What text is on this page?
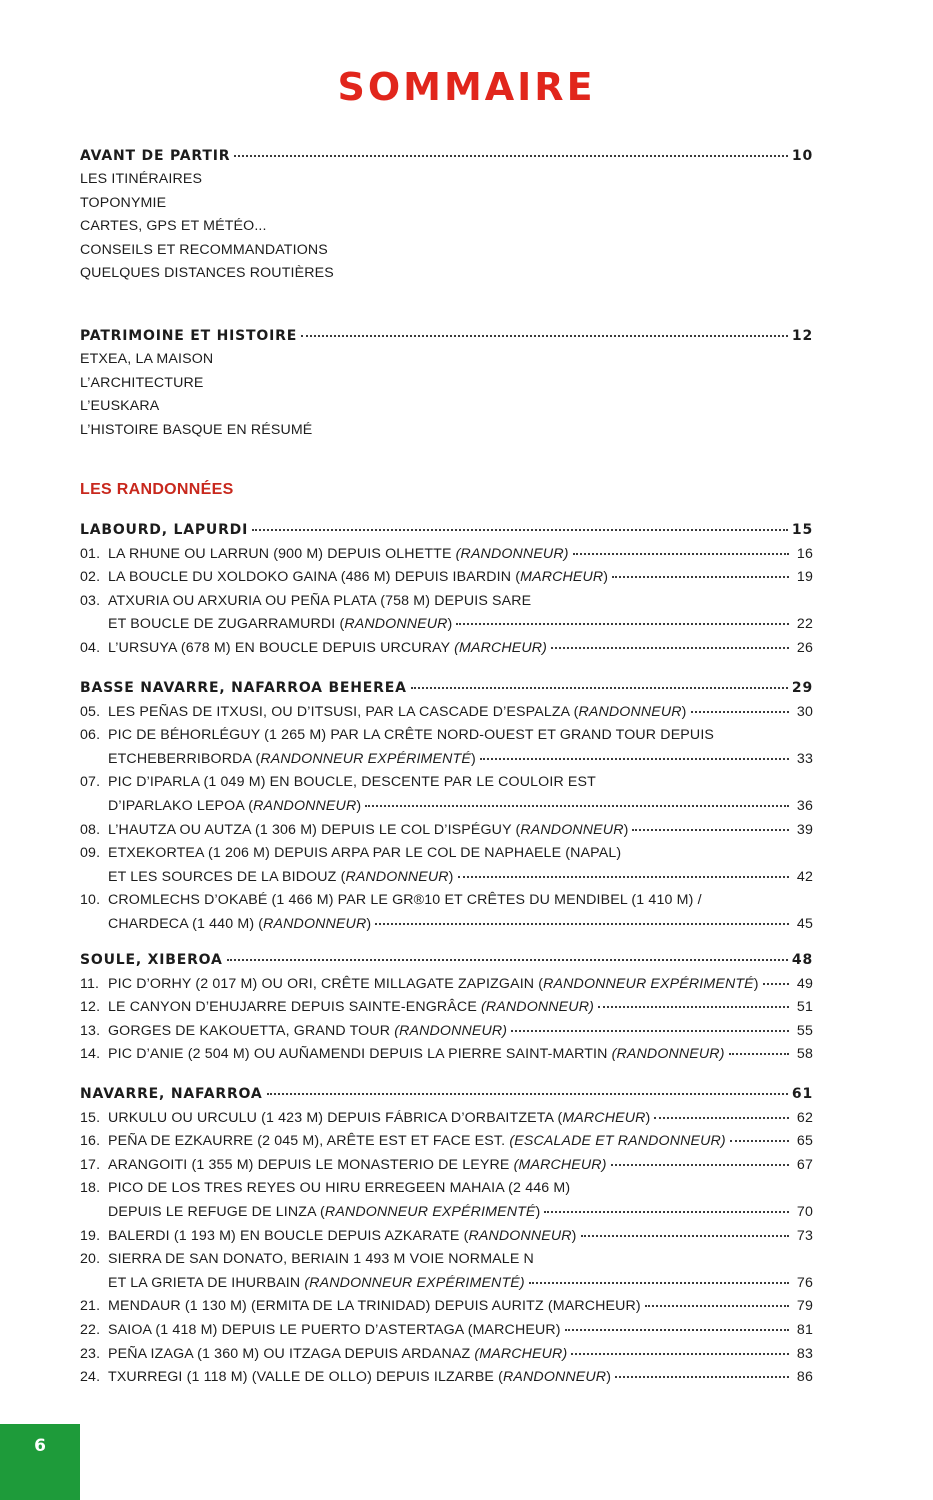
SOMMAIRE
LES RANDONNÉES
AVANT DE PARTIR	10
LES ITINÉRAIRES
TOPONYMIE
CARTES, GPS ET MÉTÉO...
CONSEILS ET RECOMMANDATIONS
QUELQUES DISTANCES ROUTIÈRES
PATRIMOINE ET HISTOIRE	12
ETXEA, LA MAISON
L’ARCHITECTURE
L’EUSKARA
L’HISTOIRE BASQUE EN RÉSUMÉ
LABOURD, LAPURDI	15
01. LA RHUNE OU LARRUN (900 M) DEPUIS OLHETTE (RANDONNEUR)	16
02. LA BOUCLE DU XOLDOKO GAINA (486 M) DEPUIS IBARDIN (MARCHEUR)	19
03. ATXURIA OU ARXURIA OU PEÑA PLATA (758 M) DEPUIS SARE
ET BOUCLE DE ZUGARRAMURDI (RANDONNEUR)	22
04. L’URSUYA (678 M) EN BOUCLE DEPUIS URCURAY (MARCHEUR)	26
BASSE NAVARRE, NAFARROA BEHEREA	29
05. LES PEÑAS DE ITXUSI, OU D’ITSUSI, PAR LA CASCADE D’ESPALZA (RANDONNEUR)	30
06. PIC DE BÉHORLÉGUY (1 265 M) PAR LA CRÊTE NORD-OUEST ET GRAND TOUR DEPUIS
ETCHEBERRIBORDA (RANDONNEUR EXPÉRIMENTÉ)	33
07. PIC D’IPARLA (1 049 M) EN BOUCLE, DESCENTE PAR LE COULOIR EST
D’IPARLAKO LEPOA (RANDONNEUR)	36
08. L’HAUTZA OU AUTZA (1 306 M) DEPUIS LE COL D’ISPÉGUY (RANDONNEUR)	39
09. ETXEKORTEA (1 206 M) DEPUIS ARPA PAR LE COL DE NAPHAELE (NAPAL)
ET LES SOURCES DE LA BIDOUZ (RANDONNEUR)	42
10. CROMLECHS D’OKABÉ (1 466 M) PAR LE GR®10 ET CRÊTES DU MENDIBEL (1 410 M) /
CHARDECA (1 440 M) (RANDONNEUR)	45
SOULE, XIBEROA	48
11. PIC D’ORHY (2 017 M) OU ORI, CRÊTE MILLAGATE ZAPIZGAIN (RANDONNEUR EXPÉRIMENTÉ)	49
12. LE CANYON D’EHUJARRE DEPUIS SAINTE-ENGRÂCE (RANDONNEUR)	51
13. GORGES DE KAKOUETTA, GRAND TOUR (RANDONNEUR)	55
14. PIC D’ANIE (2 504 M) OU AUÑAMENDI DEPUIS LA PIERRE SAINT-MARTIN (RANDONNEUR)	58
NAVARRE, NAFARROA	61
15. URKULU OU URCULU (1 423 M) DEPUIS FÁBRICA D’ORBAITZETA (MARCHEUR)	62
16. PEÑA DE EZKAURRE (2 045 M), ARÊTE EST ET FACE EST. (ESCALADE ET RANDONNEUR)	65
17. ARANGOITI (1 355 M) DEPUIS LE MONASTERIO DE LEYRE (MARCHEUR)	67
18. PICO DE LOS TRES REYES OU HIRU ERREGEEN MAHAIA (2 446 M)
DEPUIS LE REFUGE DE LINZA (RANDONNEUR EXPÉRIMENTÉ)	70
19. BALERDI (1 193 M) EN BOUCLE DEPUIS AZKARATE (RANDONNEUR)	73
20. SIERRA DE SAN DONATO, BERIAIN 1 493 M VOIE NORMALE N
ET LA GRIETA DE IHURBAIN (RANDONNEUR EXPÉRIMENTÉ)	76
21. MENDAUR (1 130 M) (ERMITA DE LA TRINIDAD) DEPUIS AURITZ (MARCHEUR)	79
22. SAIOA (1 418 M) DEPUIS LE PUERTO D’ASTERTAGA (MARCHEUR)	81
23. PEÑA IZAGA (1 360 M) OU ITZAGA DEPUIS ARDANAZ (MARCHEUR)	83
24. TXURREGI (1 118 M) (VALLE DE OLLO) DEPUIS ILZARBE (RANDONNEUR)	86
6
